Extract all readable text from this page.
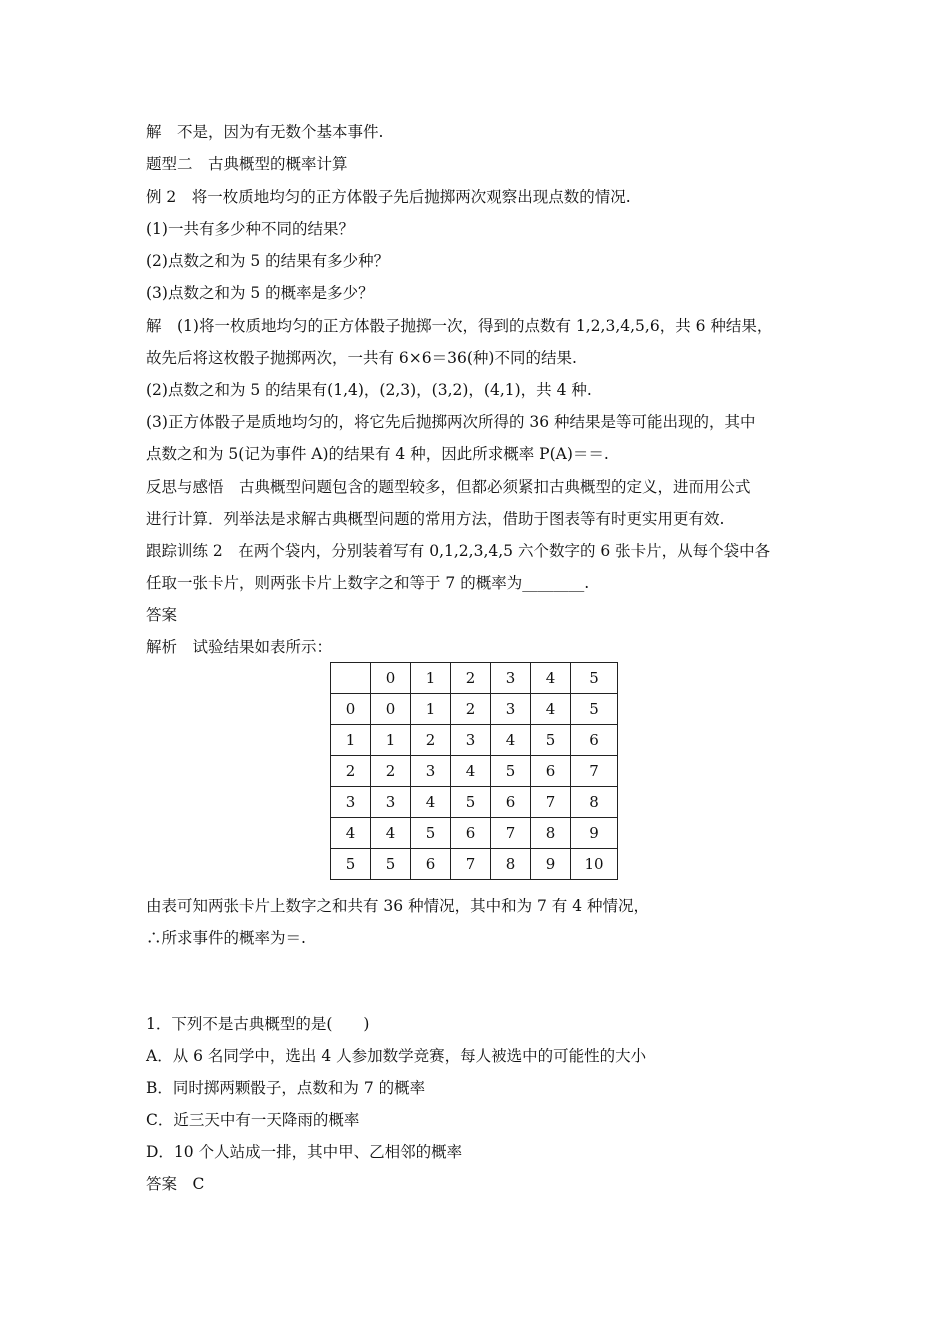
解　不是，因为有无数个基本事件.
题型二　古典概型的概率计算
例 2　将一枚质地均匀的正方体骰子先后抛掷两次观察出现点数的情况.
(1)一共有多少种不同的结果？
(2)点数之和为 5 的结果有多少种？
(3)点数之和为 5 的概率是多少？
解　(1)将一枚质地均匀的正方体骰子抛掷一次，得到的点数有 1,2,3,4,5,6，共 6 种结果，
故先后将这枚骰子抛掷两次，一共有 6×6＝36(种)不同的结果.
(2)点数之和为 5 的结果有(1,4)，(2,3)，(3,2)，(4,1)，共 4 种.
(3)正方体骰子是质地均匀的，将它先后抛掷两次所得的 36 种结果是等可能出现的，其中
点数之和为 5(记为事件 A)的结果有 4 种，因此所求概率 P(A)＝＝.
反思与感悟　古典概型问题包含的题型较多，但都必须紧扣古典概型的定义，进而用公式
进行计算．列举法是求解古典概型问题的常用方法，借助于图表等有时更实用更有效.
跟踪训练 2　在两个袋内，分别装着写有 0,1,2,3,4,5 六个数字的 6 张卡片，从每个袋中各
任取一张卡片，则两张卡片上数字之和等于 7 的概率为________.
答案
解析　试验结果如表所示：
	0	1	2	3	4	5
0	0	1	2	3	4	5
1	1	2	3	4	5	6
2	2	3	4	5	6	7
3	3	4	5	6	7	8
4	4	5	6	7	8	9
5	5	6	7	8	9	10
由表可知两张卡片上数字之和共有 36 种情况，其中和为 7 有 4 种情况，
∴所求事件的概率为＝.
1．下列不是古典概型的是(　　)
A．从 6 名同学中，选出 4 人参加数学竞赛，每人被选中的可能性的大小
B．同时掷两颗骰子，点数和为 7 的概率
C．近三天中有一天降雨的概率
D．10 个人站成一排，其中甲、乙相邻的概率
答案　C
